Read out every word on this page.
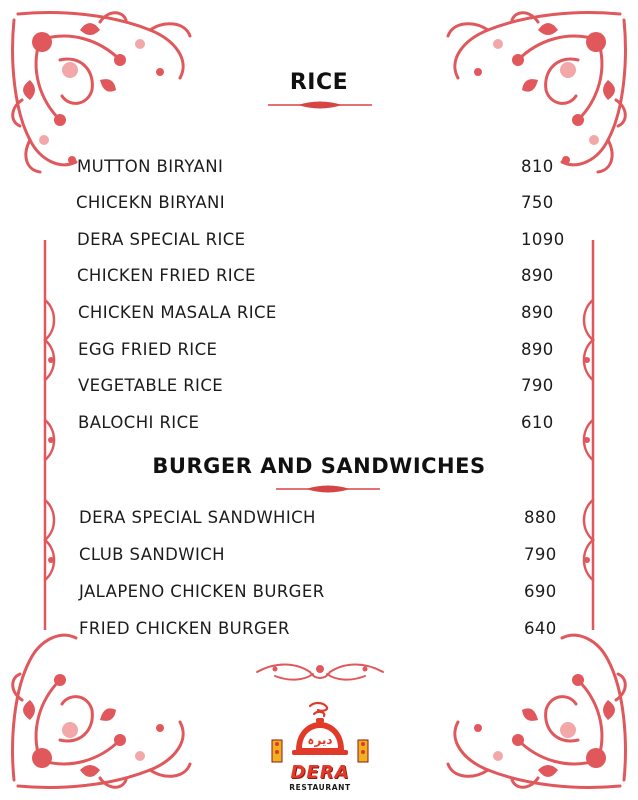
RICE
MUTTON BIRYANI	810
CHICEKN BIRYANI	750
DERA SPECIAL RICE	1090
CHICKEN FRIED RICE	890
CHICKEN MASALA RICE	890
EGG FRIED RICE	890
VEGETABLE RICE	790
BALOCHI RICE	610
BURGER AND SANDWICHES
DERA SPECIAL SANDWHICH	880
CLUB SANDWICH	790
JALAPENO CHICKEN BURGER	690
FRIED CHICKEN BURGER	640
ديرہ
DERA
RESTAURANT
